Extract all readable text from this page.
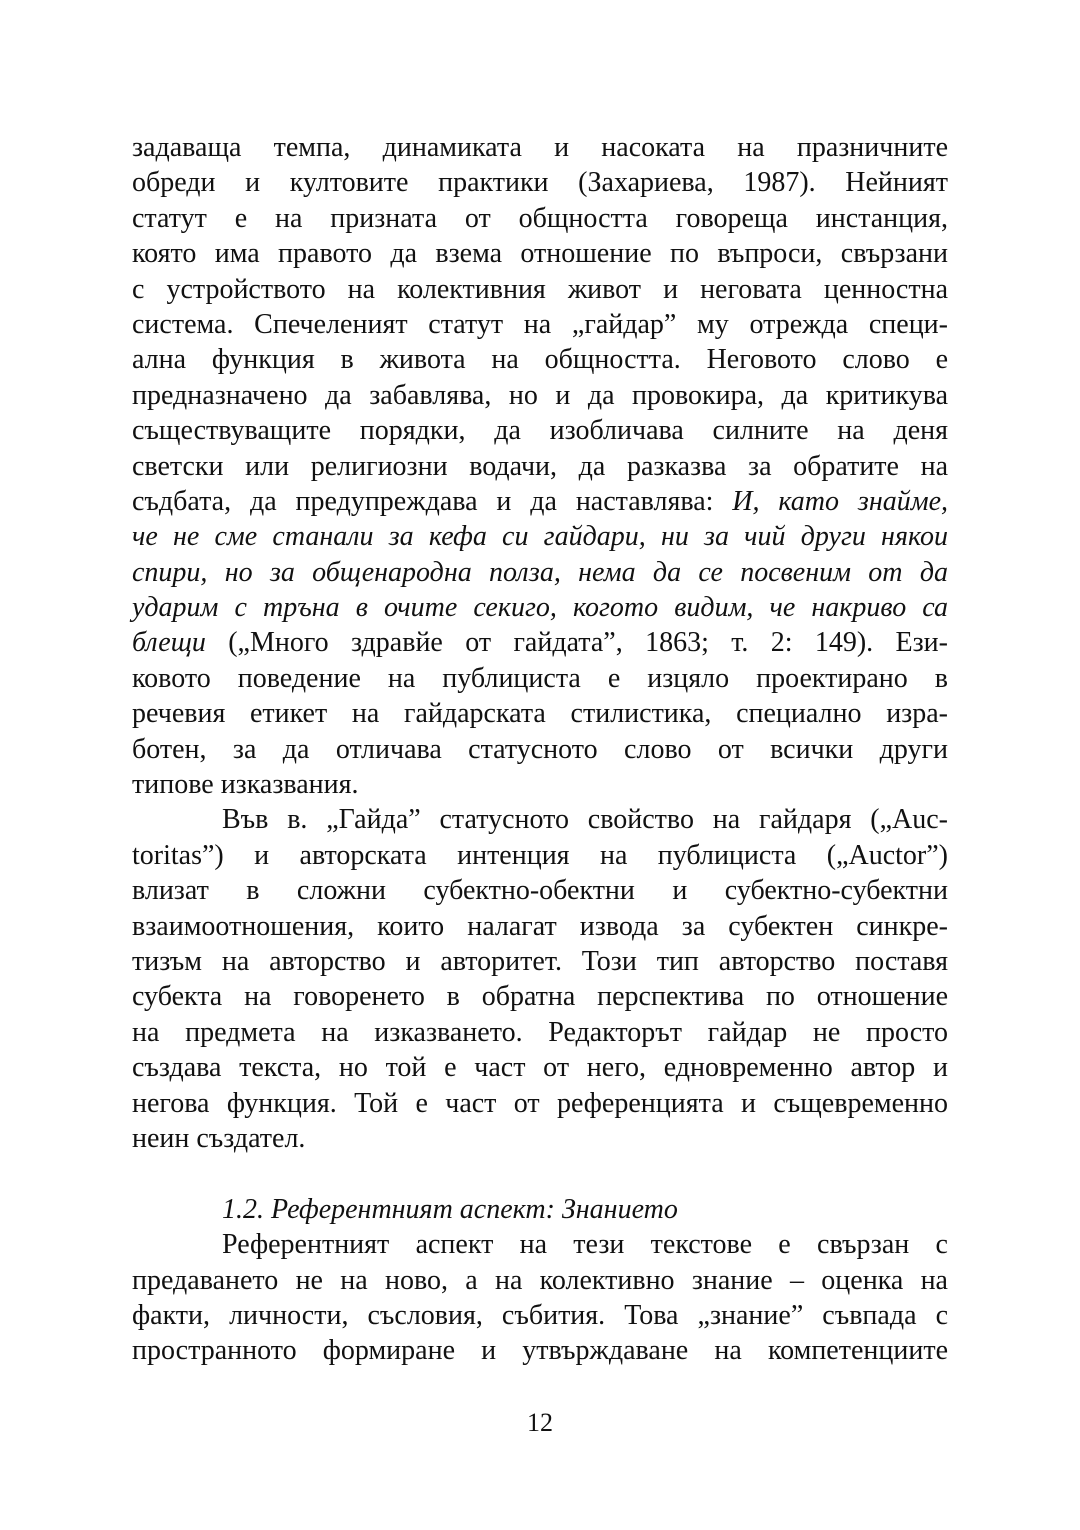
задаваща темпа, динамиката и насоката на празничните
обреди и култовите практики (Захариева, 1987). Нейният
статут е на призната от общността говореща инстанция,
която има правото да взема отношение по въпроси, свързани
с устройството на колективния живот и неговата ценностна
система. Спечеленият статут на „гайдар” му отрежда специ-
ална функция в живота на общността. Неговото слово е
предназначено да забавлява, но и да провокира, да критикува
съществуващите порядки, да изобличава силните на деня
светски или религиозни водачи, да разказва за обратите на
съдбата, да предупреждава и да наставлява: И, като знайме,
че не сме станали за кефа си гайдари, ни за чий други някои
спири, но за общенародна полза, нема да се посвеним от да
ударим с трънa в очите секиго, когото видим, че накриво са
блещи („Много здравйе от гайдата”, 1863; т. 2: 149). Ези-
ковото поведение на публициста е изцяло проектирано в
речевия етикет на гайдарската стилистика, специално изра-
ботен, за да отличава статусното слово от всички други
типове изказвания.
Във в. „Гайда” статусното свойство на гайдаря („Auc-
toritas”) и авторската интенция на публициста („Auctor”)
влизат в сложни субектно-обектни и субектно-субектни
взаимоотношения, които налагат извода за субектен синкре-
тизъм на авторство и авторитет. Този тип авторство поставя
субекта на говоренето в обратна перспектива по отношение
на предмета на изказването. Редакторът гайдар не просто
създава текста, но той е част от него, едновременно автор и
негова функция. Той е част от референцията и същевременно
неин създател.
1.2. Референтният аспект: Знанието
Референтният аспект на тези текстове е свързан с
предаването не на ново, а на колективно знание – оценка на
факти, личности, съсловия, събития. Това „знание” съвпада с
пространното формиране и утвърждаване на компетенциите
12
